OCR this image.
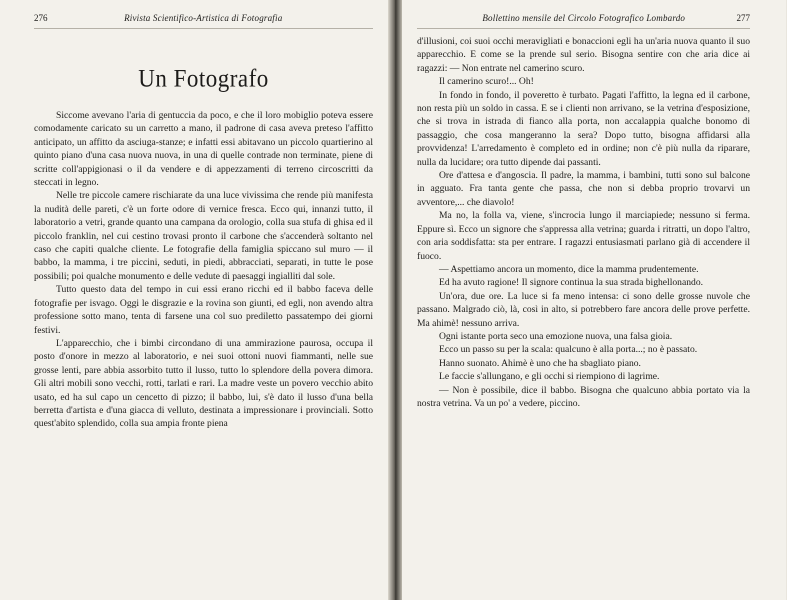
276	Rivista Scientifico-Artistica di Fotografia
Un Fotografo

Siccome avevano l'aria di gentuccia da poco, e che il loro mobiglio poteva essere comodamente caricato su un carretto a mano, il padrone di casa aveva preteso l'affitto anticipato, un affitto da asciuga-stanze; e infatti essi abitavano un piccolo quartierino al quinto piano d'una casa nuova nuova, in una di quelle contrade non terminate, piene di scritte coll'appigionasi o il da vendere e di appezzamenti di terreno circoscritti da steccati in legno.

Nelle tre piccole camere rischiarate da una luce vivissima che rende più manifesta la nudità delle pareti, c'è un forte odore di vernice fresca. Ecco qui, innanzi tutto, il laboratorio a vetri, grande quanto una campana da orologio, colla sua stufa di ghisa ed il piccolo franklin, nel cui cestino trovasi pronto il carbone che s'accenderà soltanto nel caso che capiti qualche cliente. Le fotografie della famiglia spiccano sul muro — il babbo, la mamma, i tre piccini, seduti, in piedi, abbracciati, separati, in tutte le pose possibili; poi qualche monumento e delle vedute di paesaggi ingialliti dal sole.

Tutto questo data del tempo in cui essi erano ricchi ed il babbo faceva delle fotografie per isvago. Oggi le disgrazie e la rovina son giunti, ed egli, non avendo altra professione sotto mano, tenta di farsene una col suo prediletto passatempo dei giorni festivi.

L'apparecchio, che i bimbi circondano di una ammirazione paurosa, occupa il posto d'onore in mezzo al laboratorio, e nei suoi ottoni nuovi fiammanti, nelle sue grosse lenti, pare abbia assorbito tutto il lusso, tutto lo splendore della povera dimora. Gli altri mobili sono vecchi, rotti, tarlati e rari. La madre veste un povero vecchio abito usato, ed ha sul capo un cencetto di pizzo; il babbo, lui, s'è dato il lusso d'una bella berretta d'artista e d'una giacca di velluto, destinata a impressionare i provinciali. Sotto quest'abito splendido, colla sua ampia fronte piena

Bollettino mensile del Circolo Fotografico Lombardo	277

d'illusioni, coi suoi occhi meravigliati e bonaccioni egli ha un'aria nuova quanto il suo apparecchio. E come se la prende sul serio. Bisogna sentire con che aria dice ai ragazzi: — Non entrate nel camerino scuro.

Il camerino scuro!... Oh!

In fondo in fondo, il poveretto è turbato. Pagati l'affitto, la legna ed il carbone, non resta più un soldo in cassa. E se i clienti non arrivano, se la vetrina d'esposizione, che si trova in istrada di fianco alla porta, non accalappia qualche bonomo di passaggio, che cosa mangeranno la sera? Dopo tutto, bisogna affidarsi alla provvidenza! L'arredamento è completo ed in ordine; non c'è più nulla da riparare, nulla da lucidare; ora tutto dipende dai passanti.

Ore d'attesa e d'angoscia. Il padre, la mamma, i bambini, tutti sono sul balcone in agguato. Fra tanta gente che passa, che non si debba proprio trovarvi un avventore,... che diavolo!

Ma no, la folla va, viene, s'incrocia lungo il marciapiede; nessuno si ferma. Eppure sì. Ecco un signore che s'appressa alla vetrina; guarda i ritratti, un dopo l'altro, con aria soddisfatta: sta per entrare. I ragazzi entusiasmati parlano già di accendere il fuoco.

— Aspettiamo ancora un momento, dice la mamma prudentemente.

Ed ha avuto ragione! Il signore continua la sua strada bighellonando.

Un'ora, due ore. La luce si fa meno intensa: ci sono delle grosse nuvole che passano. Malgrado ciò, là, così in alto, si potrebbero fare ancora delle prove perfette. Ma ahimè! nessuno arriva.

Ogni istante porta seco una emozione nuova, una falsa gioia.

Ecco un passo su per la scala: qualcuno è alla porta...; no è passato.

Hanno suonato. Ahimè è uno che ha sbagliato piano.

Le faccie s'allungano, e gli occhi si riempiono di lagrime.

— Non è possibile, dice il babbo. Bisogna che qualcuno abbia portato via la nostra vetrina. Va un po' a vedere, piccino.
